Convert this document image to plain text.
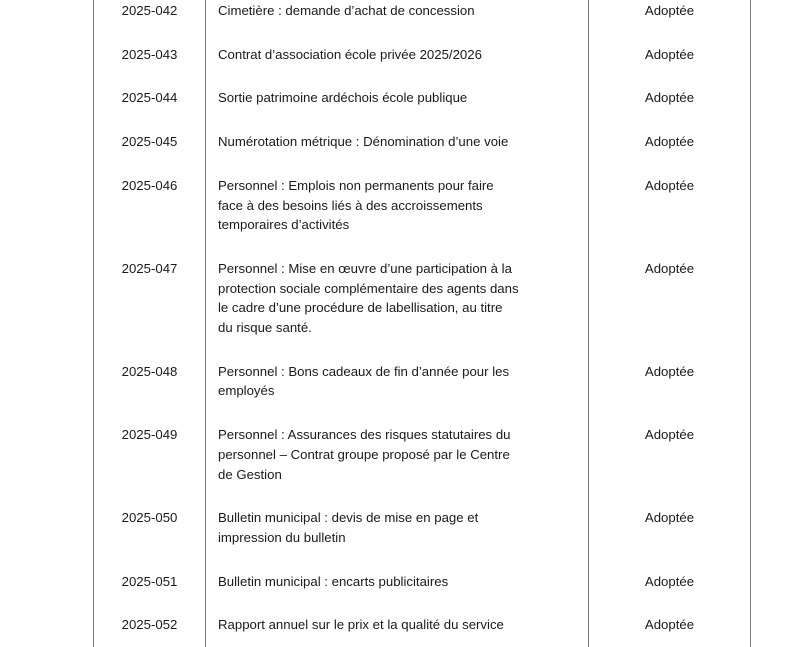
2025-042	Cimetière : demande d’achat de concession	Adoptée

2025-043	Contrat d’association école privée 2025/2026	Adoptée

2025-044	Sortie patrimoine ardéchois école publique	Adoptée

2025-045	Numérotation métrique : Dénomination d’une voie	Adoptée

2025-046	Personnel : Emplois non permanents pour faire
face à des besoins liés à des accroissements
temporaires d’activités	Adoptée

2025-047	Personnel : Mise en œuvre d’une participation à la
protection sociale complémentaire des agents dans
le cadre d’une procédure de labellisation, au titre
du risque santé.	Adoptée

2025-048	Personnel : Bons cadeaux de fin d’année pour les
employés	Adoptée

2025-049	Personnel : Assurances des risques statutaires du
personnel – Contrat groupe proposé par le Centre
de Gestion	Adoptée

2025-050	Bulletin municipal : devis de mise en page et
impression du bulletin	Adoptée

2025-051	Bulletin municipal : encarts publicitaires	Adoptée

2025-052	Rapport annuel sur le prix et la qualité du service	Adoptée
